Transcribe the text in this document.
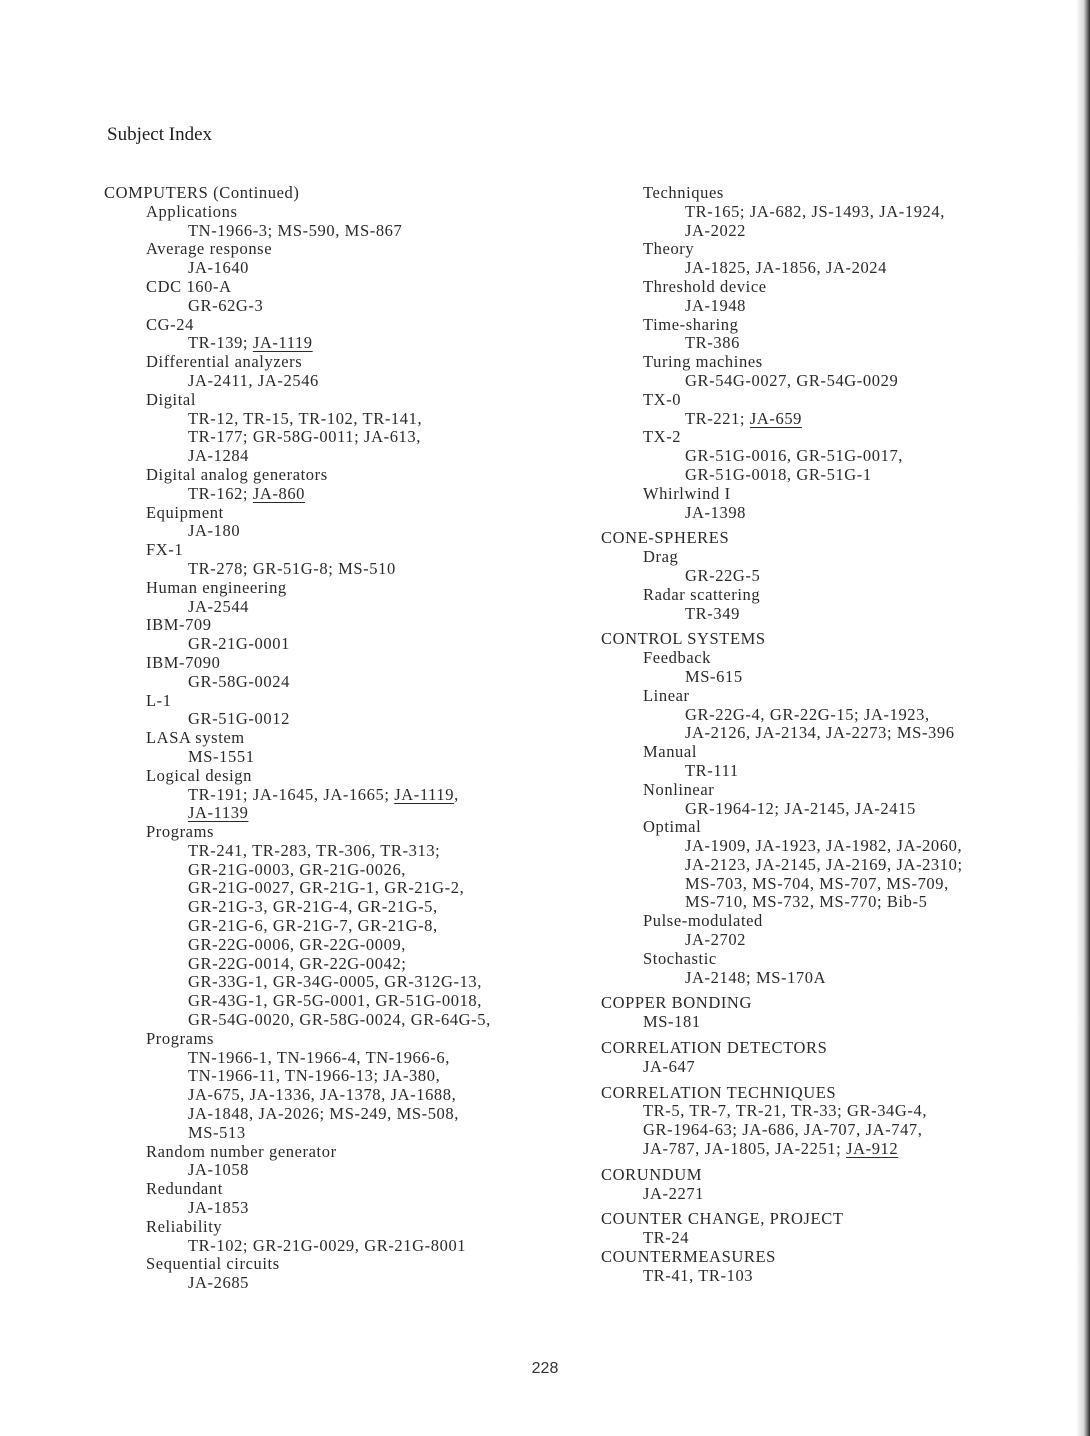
Subject Index
COMPUTERS (Continued)
Applications
TN-1966-3; MS-590, MS-867
Average response
JA-1640
CDC 160-A
GR-62G-3
CG-24
TR-139; JA-1119
Differential analyzers
JA-2411, JA-2546
Digital
TR-12, TR-15, TR-102, TR-141,
TR-177; GR-58G-0011; JA-613,
JA-1284
Digital analog generators
TR-162; JA-860
Equipment
JA-180
FX-1
TR-278; GR-51G-8; MS-510
Human engineering
JA-2544
IBM-709
GR-21G-0001
IBM-7090
GR-58G-0024
L-1
GR-51G-0012
LASA system
MS-1551
Logical design
TR-191; JA-1645, JA-1665; JA-1119,
JA-1139
Programs
TR-241, TR-283, TR-306, TR-313;
GR-21G-0003, GR-21G-0026,
GR-21G-0027, GR-21G-1, GR-21G-2,
GR-21G-3, GR-21G-4, GR-21G-5,
GR-21G-6, GR-21G-7, GR-21G-8,
GR-22G-0006, GR-22G-0009,
GR-22G-0014, GR-22G-0042;
GR-33G-1, GR-34G-0005, GR-312G-13,
GR-43G-1, GR-5G-0001, GR-51G-0018,
GR-54G-0020, GR-58G-0024, GR-64G-5,
Programs
TN-1966-1, TN-1966-4, TN-1966-6,
TN-1966-11, TN-1966-13; JA-380,
JA-675, JA-1336, JA-1378, JA-1688,
JA-1848, JA-2026; MS-249, MS-508,
MS-513
Random number generator
JA-1058
Redundant
JA-1853
Reliability
TR-102; GR-21G-0029, GR-21G-8001
Sequential circuits
JA-2685
Techniques
TR-165; JA-682, JS-1493, JA-1924,
JA-2022
Theory
JA-1825, JA-1856, JA-2024
Threshold device
JA-1948
Time-sharing
TR-386
Turing machines
GR-54G-0027, GR-54G-0029
TX-0
TR-221; JA-659
TX-2
GR-51G-0016, GR-51G-0017,
GR-51G-0018, GR-51G-1
Whirlwind I
JA-1398
CONE-SPHERES
Drag
GR-22G-5
Radar scattering
TR-349
CONTROL SYSTEMS
Feedback
MS-615
Linear
GR-22G-4, GR-22G-15; JA-1923,
JA-2126, JA-2134, JA-2273; MS-396
Manual
TR-111
Nonlinear
GR-1964-12; JA-2145, JA-2415
Optimal
JA-1909, JA-1923, JA-1982, JA-2060,
JA-2123, JA-2145, JA-2169, JA-2310;
MS-703, MS-704, MS-707, MS-709,
MS-710, MS-732, MS-770; Bib-5
Pulse-modulated
JA-2702
Stochastic
JA-2148; MS-170A
COPPER BONDING
MS-181
CORRELATION DETECTORS
JA-647
CORRELATION TECHNIQUES
TR-5, TR-7, TR-21, TR-33; GR-34G-4,
GR-1964-63; JA-686, JA-707, JA-747,
JA-787, JA-1805, JA-2251; JA-912
CORUNDUM
JA-2271
COUNTER CHANGE, PROJECT
TR-24
COUNTERMEASURES
TR-41, TR-103
228
